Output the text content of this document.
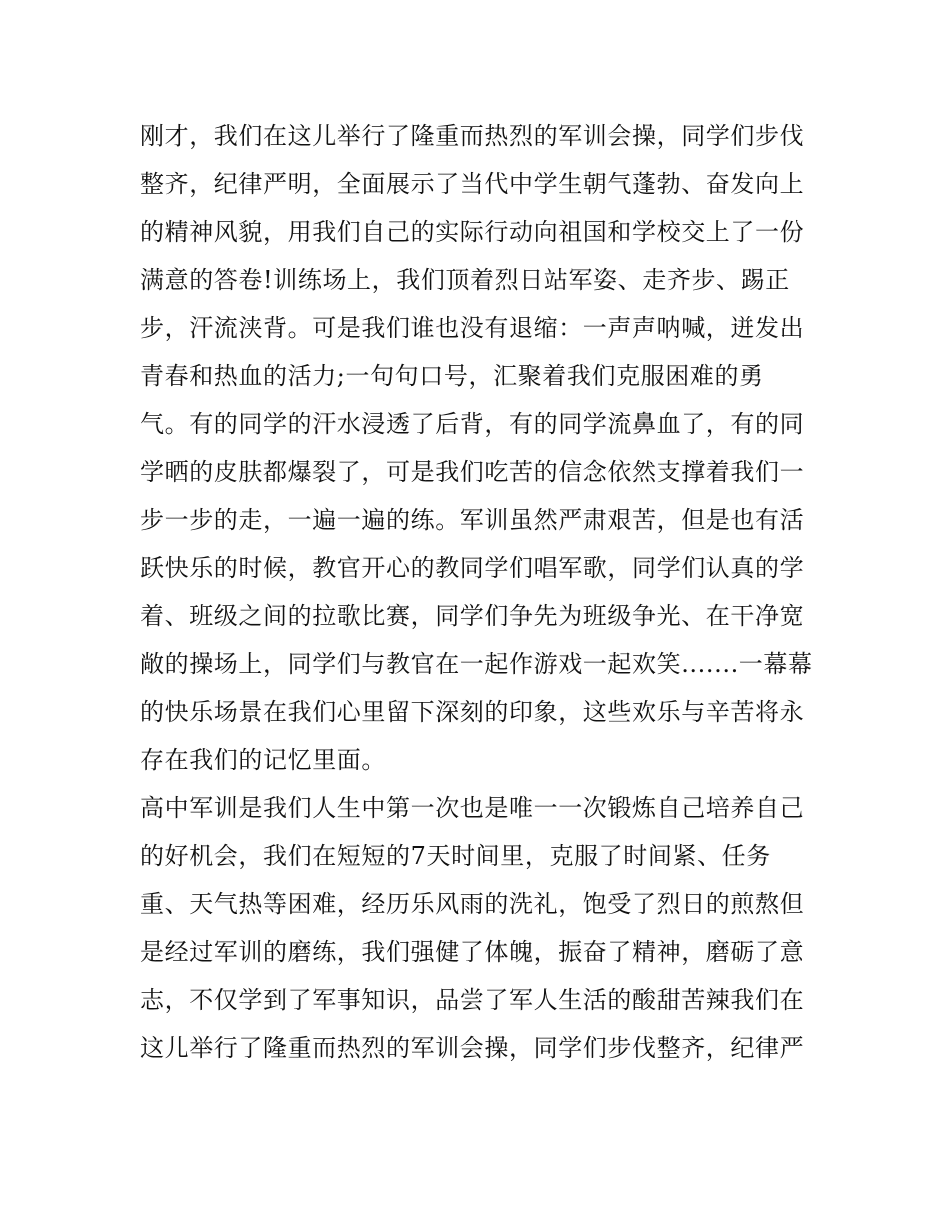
刚才，我们在这儿举行了隆重而热烈的军训会操，同学们步伐
整齐，纪律严明，全面展示了当代中学生朝气蓬勃、奋发向上
的精神风貌，用我们自己的实际行动向祖国和学校交上了一份
满意的答卷!训练场上，我们顶着烈日站军姿、走齐步、踢正
步，汗流浃背。可是我们谁也没有退缩：一声声呐喊，迸发出
青春和热血的活力;一句句口号，汇聚着我们克服困难的勇
气。有的同学的汗水浸透了后背，有的同学流鼻血了，有的同
学晒的皮肤都爆裂了，可是我们吃苦的信念依然支撑着我们一
步一步的走，一遍一遍的练。军训虽然严肃艰苦，但是也有活
跃快乐的时候，教官开心的教同学们唱军歌，同学们认真的学
着、班级之间的拉歌比赛，同学们争先为班级争光、在干净宽
敞的操场上，同学们与教官在一起作游戏一起欢笑.......一幕幕
的快乐场景在我们心里留下深刻的印象，这些欢乐与辛苦将永
存在我们的记忆里面。
高中军训是我们人生中第一次也是唯一一次锻炼自己培养自己
的好机会，我们在短短的7天时间里，克服了时间紧、任务
重、天气热等困难，经历乐风雨的洗礼，饱受了烈日的煎熬但
是经过军训的磨练，我们强健了体魄，振奋了精神，磨砺了意
志，不仅学到了军事知识，品尝了军人生活的酸甜苦辣我们在
这儿举行了隆重而热烈的军训会操，同学们步伐整齐，纪律严
